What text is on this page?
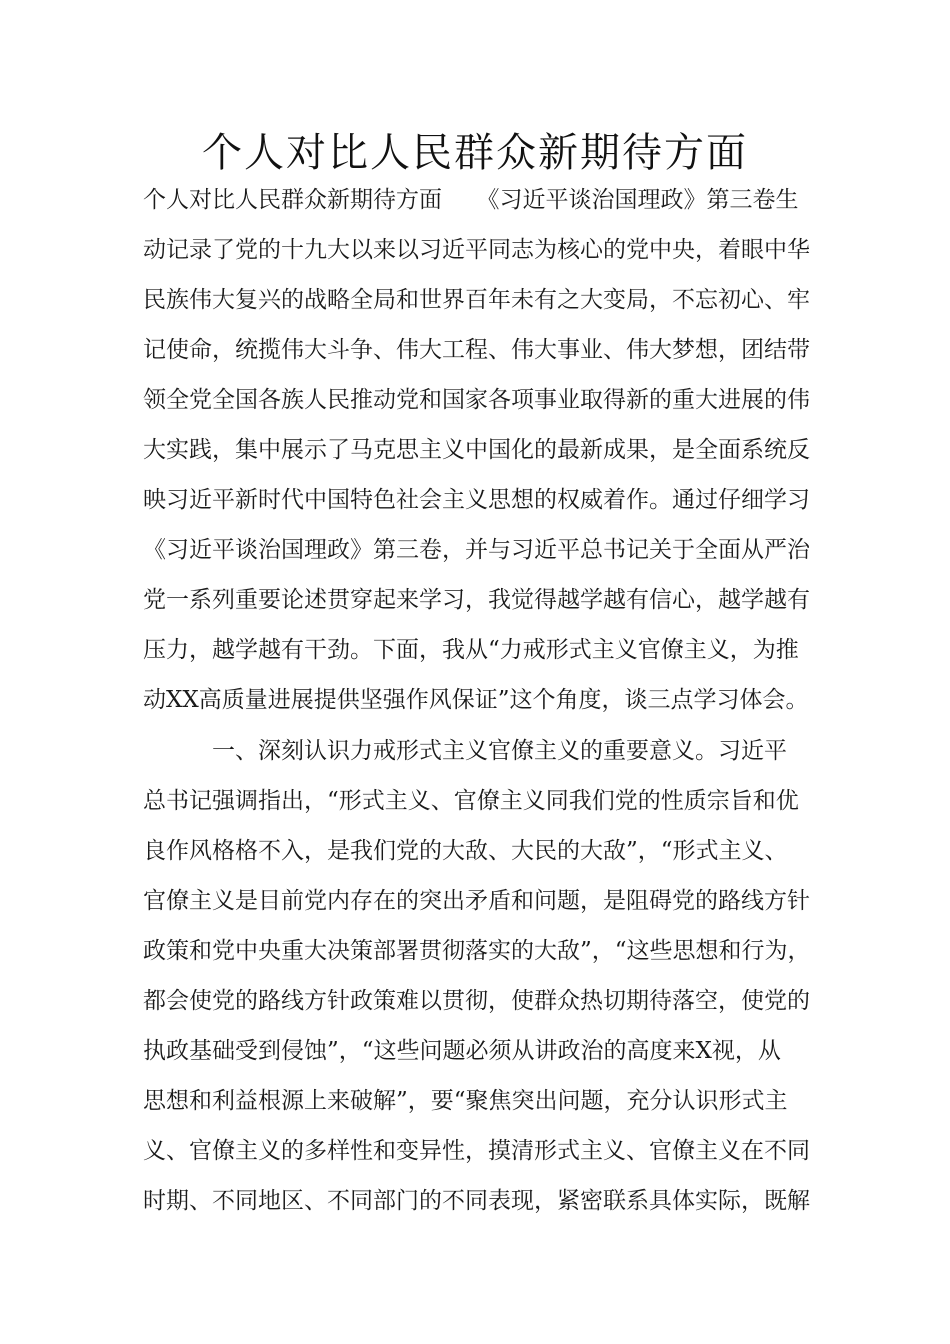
个人对比人民群众新期待方面
个人对比人民群众新期待方面　　《习近平谈治国理政》第三卷生
动记录了党的十九大以来以习近平同志为核心的党中央，着眼中华
民族伟大复兴的战略全局和世界百年未有之大变局，不忘初心、牢
记使命，统揽伟大斗争、伟大工程、伟大事业、伟大梦想，团结带
领全党全国各族人民推动党和国家各项事业取得新的重大进展的伟
大实践，集中展示了马克思主义中国化的最新成果，是全面系统反
映习近平新时代中国特色社会主义思想的权威着作。通过仔细学习
《习近平谈治国理政》第三卷，并与习近平总书记关于全面从严治
党一系列重要论述贯穿起来学习，我觉得越学越有信心，越学越有
压力，越学越有干劲。下面，我从“力戒形式主义官僚主义，为推
动XX高质量进展提供坚强作风保证”这个角度，谈三点学习体会。
　　　一、深刻认识力戒形式主义官僚主义的重要意义。习近平
总书记强调指出，“形式主义、官僚主义同我们党的性质宗旨和优
良作风格格不入，是我们党的大敌、大民的大敌”，“形式主义、
官僚主义是目前党内存在的突出矛盾和问题，是阻碍党的路线方针
政策和党中央重大决策部署贯彻落实的大敌”，“这些思想和行为，
都会使党的路线方针政策难以贯彻，使群众热切期待落空，使党的
执政基础受到侵蚀”，“这些问题必须从讲政治的高度来X视，从
思想和利益根源上来破解”，要“聚焦突出问题，充分认识形式主
义、官僚主义的多样性和变异性，摸清形式主义、官僚主义在不同
时期、不同地区、不同部门的不同表现，紧密联系具体实际，既解
